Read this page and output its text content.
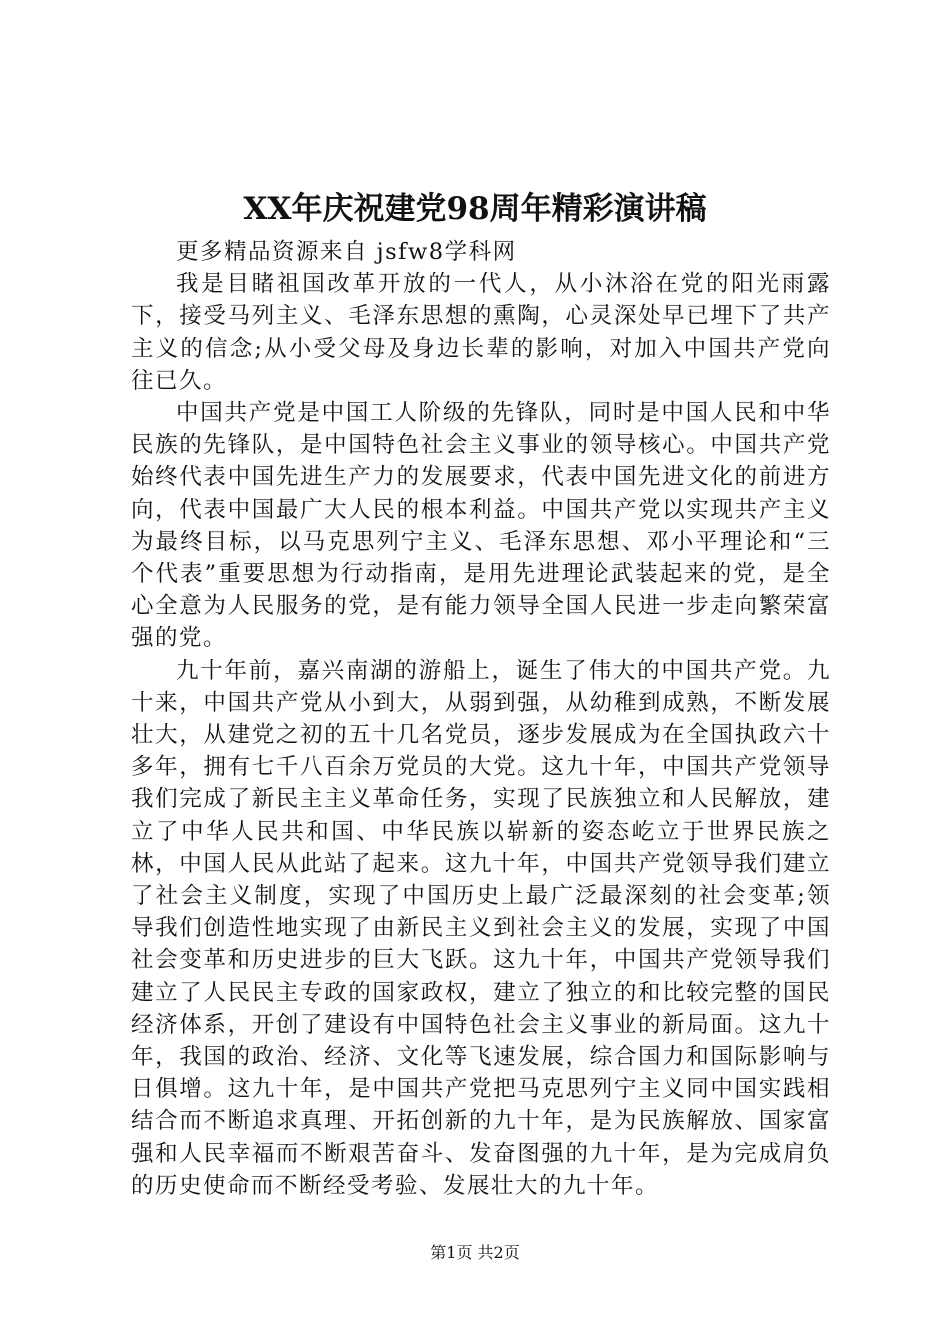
XX年庆祝建党98周年精彩演讲稿

更多精品资源来自 jsfw8学科网

我是目睹祖国改革开放的一代人，从小沐浴在党的阳光雨露下，接受马列主义、毛泽东思想的熏陶，心灵深处早已埋下了共产主义的信念;从小受父母及身边长辈的影响，对加入中国共产党向往已久。

中国共产党是中国工人阶级的先锋队，同时是中国人民和中华民族的先锋队，是中国特色社会主义事业的领导核心。中国共产党始终代表中国先进生产力的发展要求，代表中国先进文化的前进方向，代表中国最广大人民的根本利益。中国共产党以实现共产主义为最终目标，以马克思列宁主义、毛泽东思想、邓小平理论和“三个代表”重要思想为行动指南，是用先进理论武装起来的党，是全心全意为人民服务的党，是有能力领导全国人民进一步走向繁荣富强的党。

九十年前，嘉兴南湖的游船上，诞生了伟大的中国共产党。九十来，中国共产党从小到大，从弱到强，从幼稚到成熟，不断发展壮大，从建党之初的五十几名党员，逐步发展成为在全国执政六十多年，拥有七千八百余万党员的大党。这九十年，中国共产党领导我们完成了新民主主义革命任务，实现了民族独立和人民解放，建立了中华人民共和国、中华民族以崭新的姿态屹立于世界民族之林，中国人民从此站了起来。这九十年，中国共产党领导我们建立了社会主义制度，实现了中国历史上最广泛最深刻的社会变革;领导我们创造性地实现了由新民主义到社会主义的发展，实现了中国社会变革和历史进步的巨大飞跃。这九十年，中国共产党领导我们建立了人民民主专政的国家政权，建立了独立的和比较完整的国民经济体系，开创了建设有中国特色社会主义事业的新局面。这九十年，我国的政治、经济、文化等飞速发展，综合国力和国际影响与日俱增。这九十年，是中国共产党把马克思列宁主义同中国实践相结合而不断追求真理、开拓创新的九十年，是为民族解放、国家富强和人民幸福而不断艰苦奋斗、发奋图强的九十年，是为完成肩负的历史使命而不断经受考验、发展壮大的九十年。

第1页 共2页
